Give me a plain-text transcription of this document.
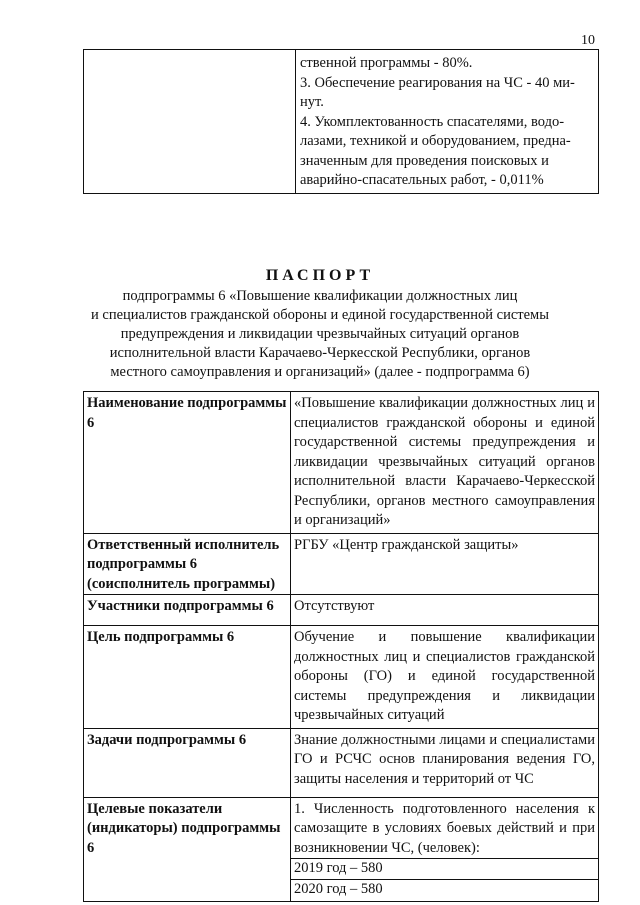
10

ственной программы - 80%.
3. Обеспечение реагирования на ЧС - 40 ми-
нут.
4. Укомплектованность спасателями, водо-
лазами, техникой и оборудованием, предна-
значенным для проведения поисковых и
аварийно-спасательных работ, - 0,011%
ПАСПОРТ
подпрограммы 6 «Повышение квалификации должностных лиц
и специалистов гражданской обороны и единой государственной системы
предупреждения и ликвидации чрезвычайных ситуаций органов
исполнительной власти Карачаево-Черкесской Республики, органов
местного самоуправления и организаций» (далее - подпрограмма 6)
Наименование подпрограммы 6	«Повышение квалификации должностных лиц и специалистов гражданской обороны и единой государственной системы предупреждения и ликвидации чрезвычайных ситуаций органов исполнительной власти Карачаево-Черкесской Республики, органов местного самоуправления и организаций»
Ответственный исполнитель подпрограммы 6 (соисполнитель программы)	РГБУ «Центр гражданской защиты»
Участники подпрограммы 6	Отсутствуют
Цель подпрограммы 6	Обучение и повышение квалификации должностных лиц и специалистов гражданской обороны (ГО) и единой государственной системы предупреждения и ликвидации чрезвычайных ситуаций
Задачи подпрограммы 6	Знание должностными лицами и специалистами ГО и РСЧС основ планирования ведения ГО, защиты населения и территорий от ЧС
Целевые показатели (индикаторы) подпрограммы 6	1. Численность подготовленного населения к самозащите в условиях боевых действий и при возникновении ЧС, (человек):
2019 год – 580
2020 год – 580
